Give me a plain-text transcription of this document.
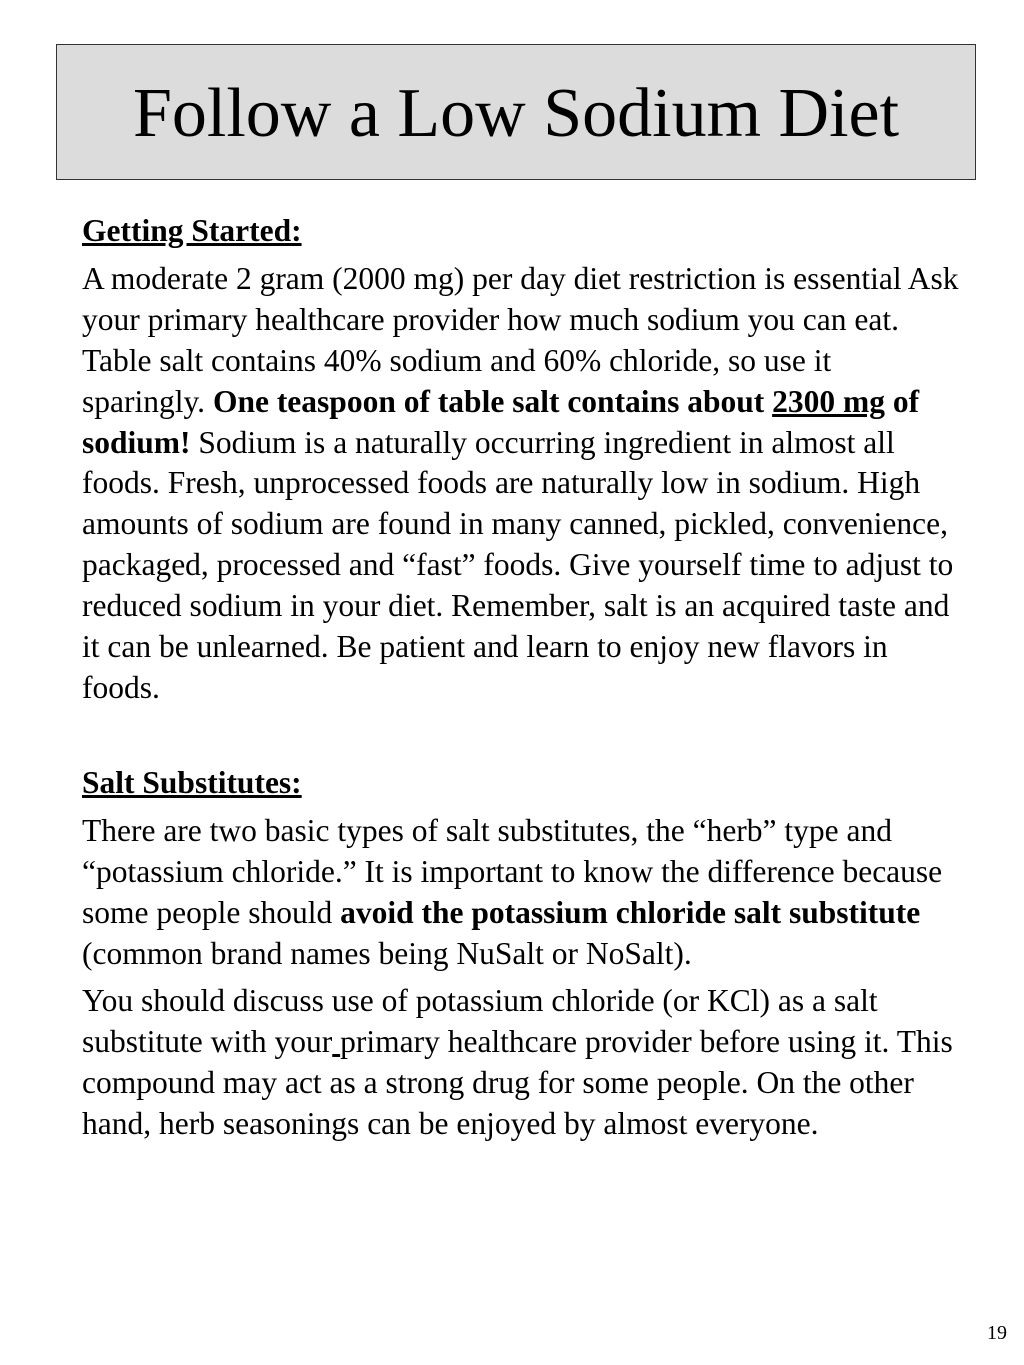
Follow a Low Sodium Diet

Getting Started:

A moderate 2 gram (2000 mg) per day diet restriction is essential Ask your primary healthcare provider how much sodium you can eat. Table salt contains 40% sodium and 60% chloride, so use it sparingly. One teaspoon of table salt contains about 2300 mg of sodium! Sodium is a naturally occurring ingredient in almost all foods. Fresh, unprocessed foods are naturally low in sodium. High amounts of sodium are found in many canned, pickled, convenience, packaged, processed and “fast” foods. Give yourself time to adjust to reduced sodium in your diet. Remember, salt is an acquired taste and it can be unlearned. Be patient and learn to enjoy new flavors in foods.

Salt Substitutes:

There are two basic types of salt substitutes, the “herb” type and “potassium chloride.” It is important to know the difference because some people should avoid the potassium chloride salt substitute (common brand names being NuSalt or NoSalt).

You should discuss use of potassium chloride (or KCl) as a salt substitute with your primary healthcare provider before using it. This compound may act as a strong drug for some people. On the other hand, herb seasonings can be enjoyed by almost everyone.

19
